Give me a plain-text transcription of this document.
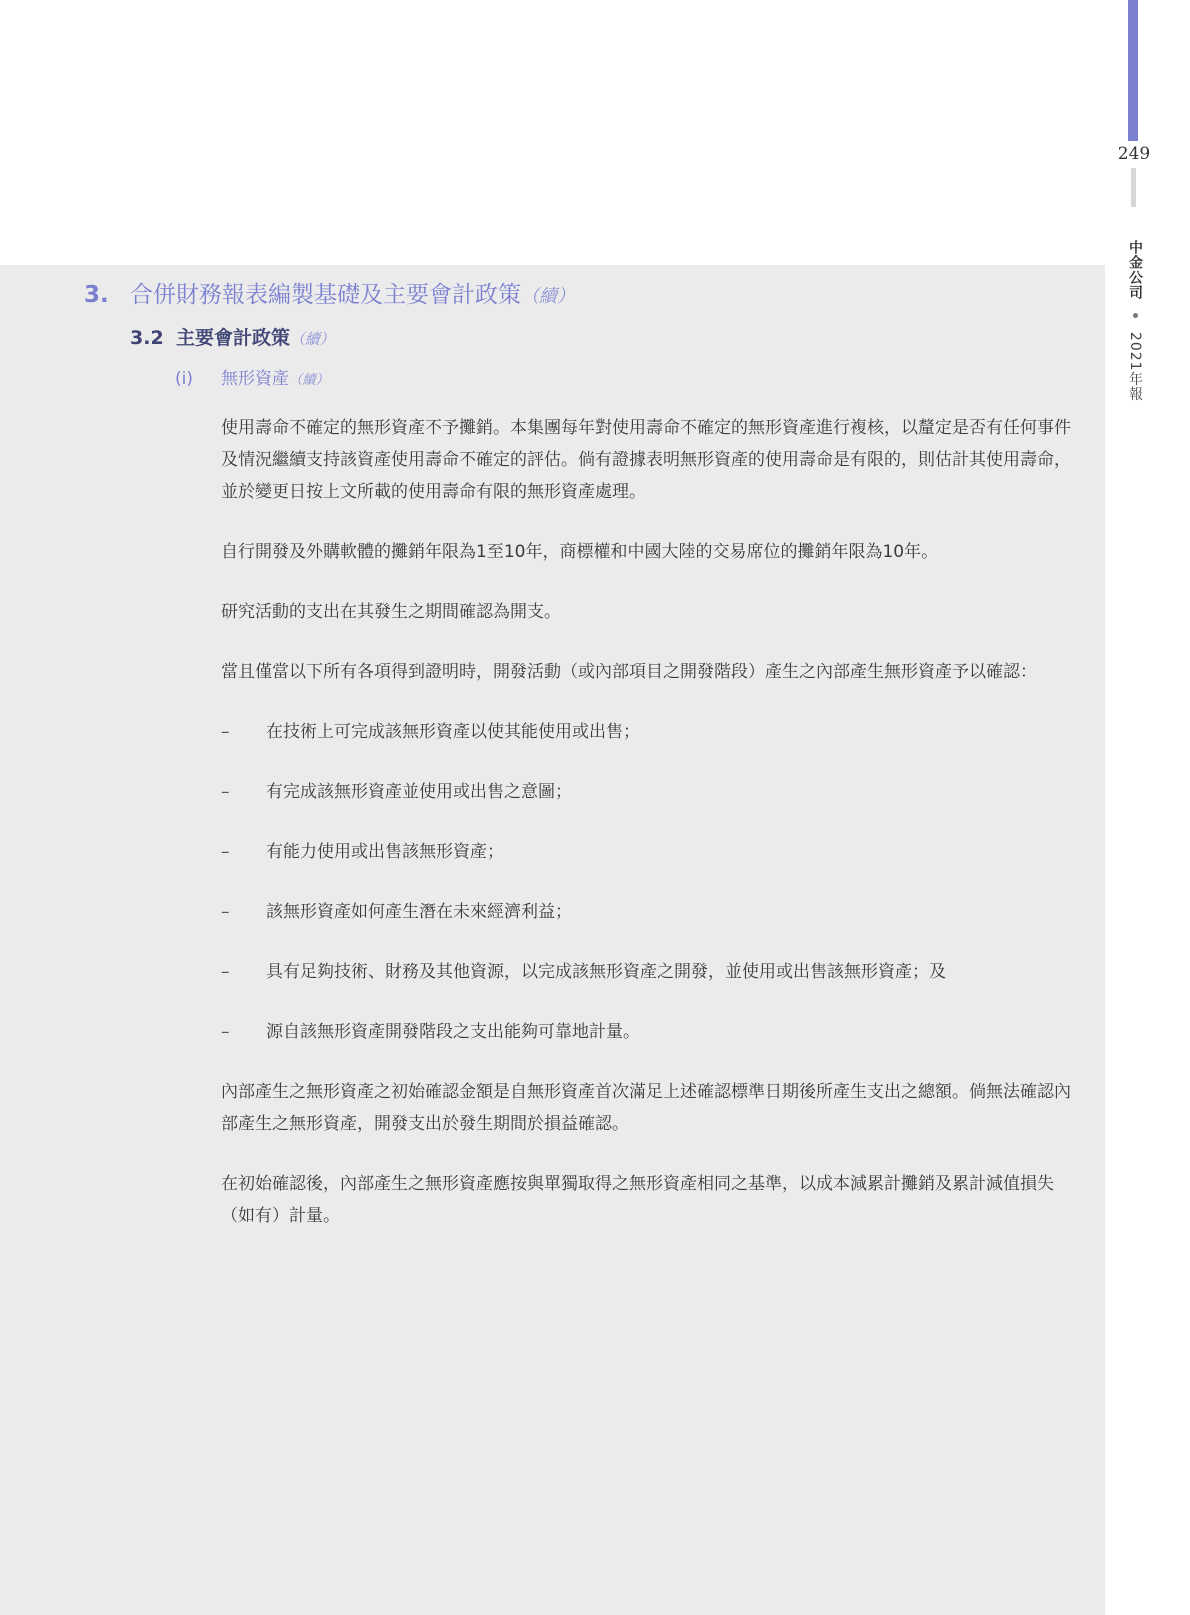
249
中金公司  2021年報
3. 合併財務報表編製基礎及主要會計政策（續）
3.2 主要會計政策（續）
(i) 無形資產（續）

使用壽命不確定的無形資產不予攤銷。本集團每年對使用壽命不確定的無形資產進行複核，以釐定是否有任何事件及情況繼續支持該資產使用壽命不確定的評估。倘有證據表明無形資產的使用壽命是有限的，則估計其使用壽命，並於變更日按上文所載的使用壽命有限的無形資產處理。

自行開發及外購軟體的攤銷年限為1至10年，商標權和中國大陸的交易席位的攤銷年限為10年。

研究活動的支出在其發生之期間確認為開支。

當且僅當以下所有各項得到證明時，開發活動（或內部項目之開發階段）產生之內部產生無形資產予以確認：

–	在技術上可完成該無形資產以使其能使用或出售；
–	有完成該無形資產並使用或出售之意圖；
–	有能力使用或出售該無形資產；
–	該無形資產如何產生潛在未來經濟利益；
–	具有足夠技術、財務及其他資源，以完成該無形資產之開發，並使用或出售該無形資產；及
–	源自該無形資產開發階段之支出能夠可靠地計量。

內部產生之無形資產之初始確認金額是自無形資產首次滿足上述確認標準日期後所產生支出之總額。倘無法確認內部產生之無形資產，開發支出於發生期間於損益確認。

在初始確認後，內部產生之無形資產應按與單獨取得之無形資產相同之基準，以成本減累計攤銷及累計減值損失（如有）計量。
